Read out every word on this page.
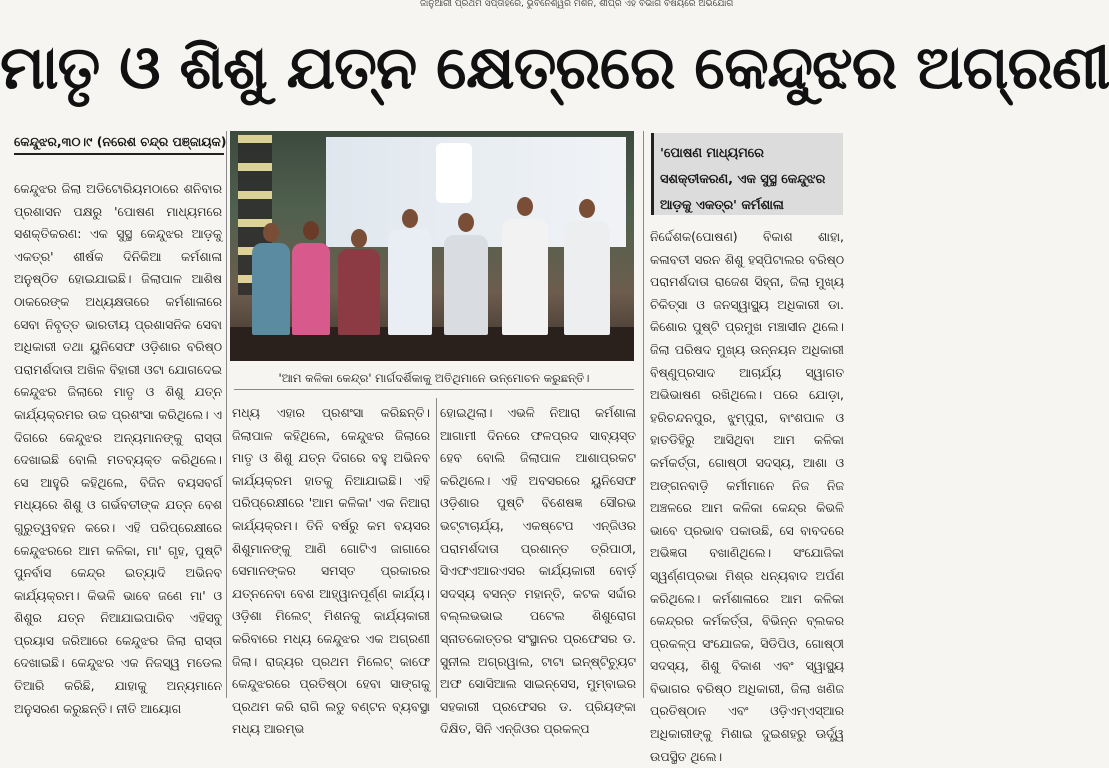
ଜାନୁଆରୀ ପ୍ରଥମ ସପ୍ତାହରେ, ଭୁବନେଶ୍ୱର ମିଶନ, ଶୀଘ୍ର ଏହି ବିଭାଗ ବିଷୟରେ ଅଭିଯୋଗ
ମାତୃ ଓ ଶିଶୁ ଯତ୍ନ କ୍ଷେତ୍ରରେ କେନ୍ଦୁଝର ଅଗ୍ରଣୀ
କେନ୍ଦୁଝର,୩୦।୯ (ନରେଶ ଚନ୍ଦ୍ର ପଞ୍ଜାୟକ)
'ପୋଷଣ ମାଧ୍ୟମରେ ସଶକ୍ତୀକରଣ, ଏକ ସୁସ୍ଥ କେନ୍ଦୁଝର ଆଡ଼କୁ ଏକତ୍ର' କର୍ମଶାଳା
'ଆମ କଳିକା କେନ୍ଦ୍ର' ମାର୍ଗଦର୍ଶିକାକୁ ଅତିଥିମାନେ ଉନ୍ମୋଚନ କରୁଛନ୍ତି।
କେନ୍ଦୁଝର ଜିଲା ଅଡିଟୋରିୟମଠାରେ ଶନିବାର ପ୍ରଶାସନ ପକ୍ଷରୁ 'ପୋଷଣ ମାଧ୍ୟମରେ ସଶକ୍ତିକରଣ: ଏକ ସୁସ୍ଥ କେନ୍ଦୁଝର ଆଡ଼କୁ ଏକତ୍ର' ଶୀର୍ଷକ ଦିନିକିଆ କର୍ମଶାଳା ଅନୁଷ୍ଠିତ ହୋଇଯାଇଛି। ଜିଲାପାଳ ଆଶିଷ ଠାକରେଙ୍କ ଅଧ୍ୟକ୍ଷତାରେ କର୍ମଶାଳାରେ ସେବା ନିବୃତ୍ତ ଭାରତୀୟ ପ୍ରଶାସନିକ ସେବା ଅଧିକାରୀ ତଥା ୟୁନିସେଫ ଓଡ଼ିଶାର ବରିଷ୍ଠ ପରାମର୍ଶଦାତା ଅଖିଳ ବିହାରୀ ଓଟା ଯୋଗଦେଇ କେନ୍ଦୁଝର ଜିଲାରେ ମାତୃ ଓ ଶିଶୁ ଯତ୍ନ କାର୍ଯ୍ୟକ୍ରମର ଉଚ୍ଚ ପ୍ରଶଂସା କରିଥିଲେ। ଏ ଦିଗରେ କେନ୍ଦୁଝର ଅନ୍ୟମାନଙ୍କୁ ରାସ୍ତା ଦେଖାଇଛି ବୋଲି ମତବ୍ୟକ୍ତ କରିଥିଲେ। ସେ ଆହୁରି କହିଥିଲେ, ବିଜିନ ବୟସବର୍ଗ ମଧ୍ୟରେ ଶିଶୁ ଓ ଗର୍ଭବତୀଙ୍କ ଯତ୍ନ ବେଶ ଗୁରୁତ୍ୱବହନ କରେ। ଏହି ପରିପ୍ରେକ୍ଷୀରେ କେନ୍ଦୁଝରରେ ଆମ କଳିକା, ମା' ଗୃହ, ପୁଷ୍ଟି ପୁନର୍ବାସ କେନ୍ଦ୍ର ଇତ୍ୟାଦି ଅଭିନବ କାର୍ଯ୍ୟକ୍ରମ। କିଭଳି ଭାବେ ଜଣେ ମା' ଓ ଶିଶୁର ଯତ୍ନ ନିଆଯାଇପାରିବ ଏହିସବୁ ପ୍ରୟାସ ଜରିଆରେ କେନ୍ଦୁଝର ଜିଲା ରାସ୍ତା ଦେଖାଇଛି। କେନ୍ଦୁଝର ଏକ ନିଜସ୍ୱ ମଡେଲ ତିଆରି କରିଛି, ଯାହାକୁ ଅନ୍ୟମାନେ ଅନୁସରଣ କରୁଛନ୍ତି। ନୀତି ଆୟୋଗ
ମଧ୍ୟ ଏହାର ପ୍ରଶଂସା କରିଛନ୍ତି। ଜିଲାପାଳ କହିଥିଲେ, କେନ୍ଦୁଝର ଜିଲାରେ ମାତୃ ଓ ଶିଶୁ ଯତ୍ନ ଦିଗରେ ବହୁ ଅଭିନବ କାର୍ଯ୍ୟକ୍ରମ ହାତକୁ ନିଆଯାଇଛି। ଏହି ପରିପ୍ରେକ୍ଷୀରେ 'ଆମ କଳିକା' ଏକ ନିଆରା କାର୍ଯ୍ୟକ୍ରମ। ତିନି ବର୍ଷରୁ କମ ବୟସର ଶିଶୁମାନଙ୍କୁ ଆଣି ଗୋଟିଏ ଜାଗାରେ ସେମାନଙ୍କର ସମସ୍ତ ପ୍ରକାରର ଯତ୍ନନେବା ବେଶ ଆହ୍ୱାନପୂର୍ଣ୍ଣ କାର୍ଯ୍ୟ। ଓଡ଼ିଶା ମିଲେଟ୍ ମିଶନକୁ କାର୍ଯ୍ୟକାରୀ କରିବାରେ ମଧ୍ୟ କେନ୍ଦୁଝର ଏକ ଅଗ୍ରଣୀ ଜିଲା। ରାଜ୍ୟର ପ୍ରଥମ ମିଲେଟ୍ କାଫେ କେନ୍ଦୁଝରରେ ପ୍ରତିଷ୍ଠା ହେବା ସାଙ୍ଗକୁ ପ୍ରଥମ କରି ରାଗି ଲଡୁ ବଣ୍ଟନ ବ୍ୟବସ୍ଥା ମଧ୍ୟ ଆରମ୍ଭ
ହୋଇଥିଲା। ଏଭଳି ନିଆରା କର୍ମଶାଳା ଆଗାମୀ ଦିନରେ ଫଳପ୍ରଦ ସାବ୍ୟସ୍ତ ହେବ ବୋଲି ଜିଲାପାଳ ଆଶାପ୍ରକଟ କରିଥିଲେ। ଏହି ଅବସରରେ ୟୁନିସେଫ ଓଡ଼ିଶାର ପୁଷ୍ଟି ବିଶେଷଜ୍ଞ ସୌରଭ ଭଟ୍ଟାଚାର୍ଯ୍ୟ, ଏକଷ୍ଟେପ ଏନ୍ଜିଓର ପରାମର୍ଶଦାତା ପ୍ରଶାନ୍ତ ତ୍ରିପାଠୀ, ସିଏଫଏଆରଏସର କାର୍ଯ୍ୟକାରୀ ବୋର୍ଡ଼ ସଦସ୍ୟ ବସନ୍ତ ମହାନ୍ତି, କଟକ ସର୍ଦ୍ଦାର ବଲ୍ଲଭଭାଇ ପଟେଲ ଶିଶୁରୋଗ ସ୍ନାତକୋତ୍ତର ସଂସ୍ଥାନର ପ୍ରଫେସର ଡ. ସୁନୀଲ ଅଗ୍ରୱାଲ, ଟାଟା ଇନ୍ଷ୍ଟିଚ୍ୟୁଟ ଅଫ ସୋସିଆଲ ସାଇନ୍ସେସ, ମୁମ୍ବାଇର ସହକାରୀ ପ୍ରଫେସର ଡ. ପ୍ରିୟଙ୍କା ଦିକ୍ଷିତ, ସିନି ଏନ୍ଜିଓର ପ୍ରକଳ୍ପ
ନିର୍ଦ୍ଦେଶକ(ପୋଷଣ) ବିକାଶ ଶାହା, କଳାବତୀ ସରନ ଶିଶୁ ହସ୍ପିଟାଲର ବରିଷ୍ଠ ପରାମର୍ଶଦାତା ରାଜେଶ ସିହ୍ନା, ଜିଲା ମୁଖ୍ୟ ଚିକିତ୍ସା ଓ ଜନସ୍ୱାସ୍ଥ୍ୟ ଅଧିକାରୀ ଡା. କିଶୋର ପୁଷ୍ଟି ପ୍ରମୁଖ ମଞ୍ଚାସୀନ ଥିଲେ। ଜିଲା ପରିଷଦ ମୁଖ୍ୟ ଉନ୍ନୟନ ଅଧିକାରୀ ବିଷ୍ଣୁପ୍ରସାଦ ଆଚାର୍ଯ୍ୟ ସ୍ୱାଗତ ଅଭିଭାଷଣ ରଖିଥିଲେ। ପରେ ଯୋଡ଼ା, ହରିଚନ୍ଦନପୁର, ଝୁମ୍ପୁରା, ବାଂଶପାଳ ଓ ହାତଡିହିରୁ ଆସିଥିବା ଆମ କଳିକା କର୍ମକର୍ତ୍ତା, ଗୋଷ୍ଠୀ ସଦସ୍ୟ, ଆଶା ଓ ଅଙ୍ଗନବାଡ଼ି କର୍ମୀମାନେ ନିଜ ନିଜ ଅଞ୍ଚଳରେ ଆମ କଳିକା କେନ୍ଦ୍ର କିଭଳି ଭାବେ ପ୍ରଭାବ ପକାଉଛି, ସେ ବାବଦରେ ଅଭିଜ୍ଞତା ବଖାଣିଥିଲେ। ସଂଯୋଜିକା ସ୍ୱର୍ଣ୍ଣପ୍ରଭା ମିଶ୍ର ଧନ୍ୟବାଦ ଅର୍ପଣ କରିଥିଲେ। କର୍ମଶାଳାରେ ଆମ କଳିକା କେନ୍ଦ୍ରର କର୍ମକର୍ତ୍ତା, ବିଭିନ୍ନ ବ୍ଲକର ପ୍ରକଳ୍ପ ସଂଯୋଜକ, ସିଡିପିଓ, ଗୋଷ୍ଠୀ ସଦସ୍ୟ, ଶିଶୁ ବିକାଶ ଏବଂ ସ୍ୱାସ୍ଥ୍ୟ ବିଭାଗର ବରିଷ୍ଠ ଅଧିକାରୀ, ଜିଲା ଖଣିଜ ପ୍ରତିଷ୍ଠାନ ଏବଂ ଓଡ଼ିଏମ୍ଏସ୍ଆର ଅଧିକାରୀଙ୍କୁ ମିଶାଇ ଦୁଇଶହରୁ ଊର୍ଦ୍ଧ୍ୱ ଉପସ୍ଥିତ ଥିଲେ।
